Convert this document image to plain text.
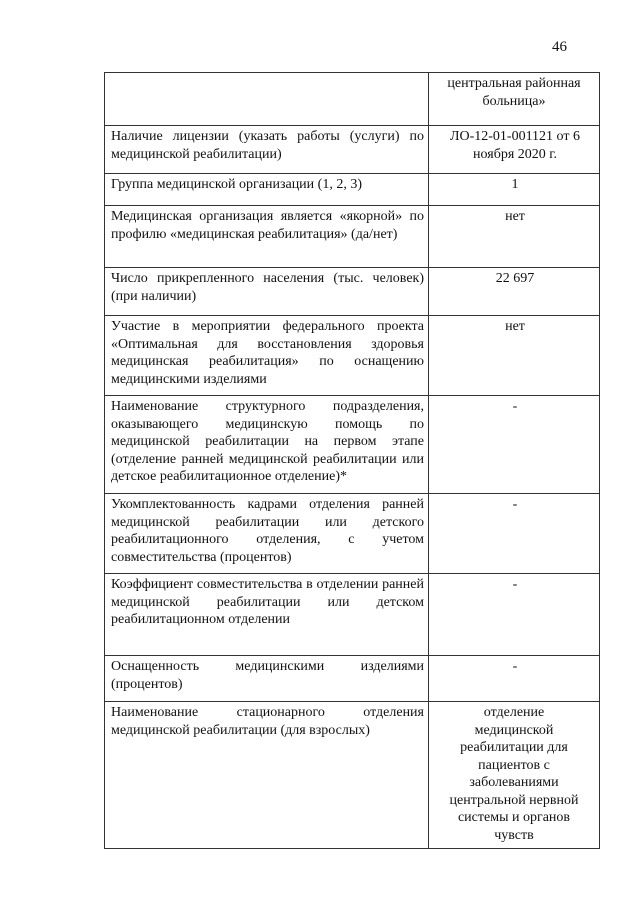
46
	центральная районная больница»
Наличие лицензии (указать работы (услуги) по медицинской реабилитации)	ЛО-12-01-001121 от 6 ноября 2020 г.
Группа медицинской организации (1, 2, 3)	1
Медицинская организация является «якорной» по профилю «медицинская реабилитация» (да/нет)	нет
Число прикрепленного населения (тыс. человек) (при наличии)	22 697
Участие в мероприятии федерального проекта «Оптимальная для восстановления здоровья медицинская реабилитация» по оснащению медицинскими изделиями	нет
Наименование структурного подразделения, оказывающего медицинскую помощь по медицинской реабилитации на первом этапе (отделение ранней медицинской реабилитации или детское реабилитационное отделение)*	-
Укомплектованность кадрами отделения ранней медицинской реабилитации или детского реабилитационного отделения, с учетом совместительства (процентов)	-
Коэффициент совместительства в отделении ранней медицинской реабилитации или детском реабилитационном отделении	-
Оснащенность медицинскими изделиями (процентов)	-
Наименование стационарного отделения медицинской реабилитации (для взрослых)	отделение медицинской реабилитации для пациентов с заболеваниями центральной нервной системы и органов чувств
